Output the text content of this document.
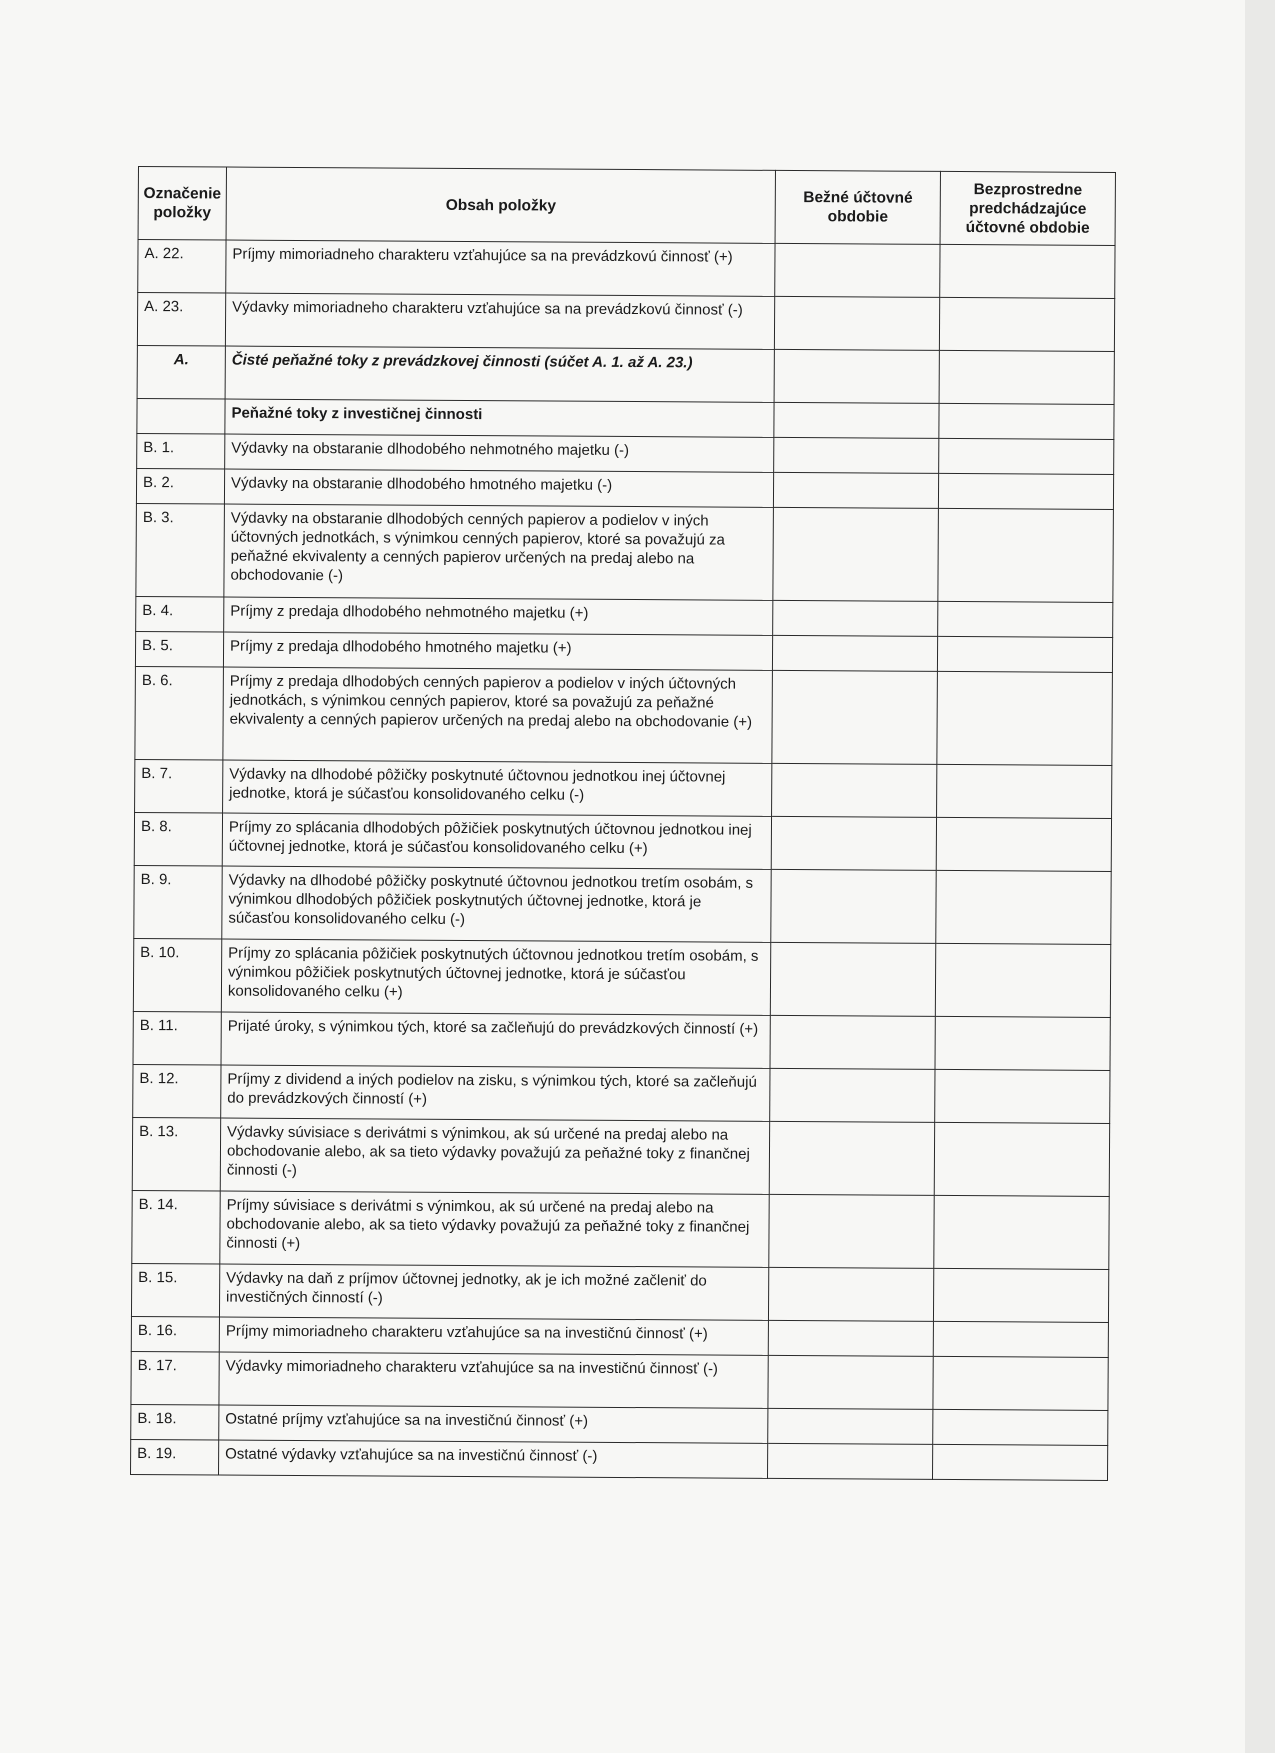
Označenie položky	Obsah položky	Bežné účtovné obdobie	Bezprostredne predchádzajúce účtovné obdobie
A. 22.	Príjmy mimoriadneho charakteru vzťahujúce sa na prevádzkovú činnosť (+)		
A. 23.	Výdavky mimoriadneho charakteru vzťahujúce sa na prevádzkovú činnosť (-)		
A.	Čisté peňažné toky z prevádzkovej činnosti (súčet A. 1. až A. 23.)		
	Peňažné toky z investičnej činnosti		
B. 1.	Výdavky na obstaranie dlhodobého nehmotného majetku (-)		
B. 2.	Výdavky na obstaranie dlhodobého hmotného majetku (-)		
B. 3.	Výdavky na obstaranie dlhodobých cenných papierov a podielov v iných účtovných jednotkách, s výnimkou cenných papierov, ktoré sa považujú za peňažné ekvivalenty a cenných papierov určených na predaj alebo na obchodovanie (-)		
B. 4.	Príjmy z predaja dlhodobého nehmotného majetku (+)		
B. 5.	Príjmy z predaja dlhodobého hmotného majetku (+)		
B. 6.	Príjmy z predaja dlhodobých cenných papierov a podielov v iných účtovných jednotkách, s výnimkou cenných papierov, ktoré sa považujú za peňažné ekvivalenty a cenných papierov určených na predaj alebo na obchodovanie (+)		
B. 7.	Výdavky na dlhodobé pôžičky poskytnuté účtovnou jednotkou inej účtovnej jednotke, ktorá je súčasťou konsolidovaného celku (-)		
B. 8.	Príjmy zo splácania dlhodobých pôžičiek poskytnutých účtovnou jednotkou inej účtovnej jednotke, ktorá je súčasťou konsolidovaného celku (+)		
B. 9.	Výdavky na dlhodobé pôžičky poskytnuté účtovnou jednotkou tretím osobám, s výnimkou dlhodobých pôžičiek poskytnutých účtovnej jednotke, ktorá je súčasťou konsolidovaného celku (-)		
B. 10.	Príjmy zo splácania pôžičiek poskytnutých účtovnou jednotkou tretím osobám, s výnimkou pôžičiek poskytnutých účtovnej jednotke, ktorá je súčasťou konsolidovaného celku (+)		
B. 11.	Prijaté úroky, s výnimkou tých, ktoré sa začleňujú do prevádzkových činností (+)		
B. 12.	Príjmy z dividend a iných podielov na zisku, s výnimkou tých, ktoré sa začleňujú do prevádzkových činností (+)		
B. 13.	Výdavky súvisiace s derivátmi s výnimkou, ak sú určené na predaj alebo na obchodovanie alebo, ak sa tieto výdavky považujú za peňažné toky z finančnej činnosti (-)		
B. 14.	Príjmy súvisiace s derivátmi s výnimkou, ak sú určené na predaj alebo na obchodovanie alebo, ak sa tieto výdavky považujú za peňažné toky z finančnej činnosti (+)		
B. 15.	Výdavky na daň z príjmov účtovnej jednotky, ak je ich možné začleniť do investičných činností (-)		
B. 16.	Príjmy mimoriadneho charakteru vzťahujúce sa na investičnú činnosť (+)		
B. 17.	Výdavky mimoriadneho charakteru vzťahujúce sa na investičnú činnosť (-)		
B. 18.	Ostatné príjmy vzťahujúce sa na investičnú činnosť (+)		
B. 19.	Ostatné výdavky vzťahujúce sa na investičnú činnosť (-)		
